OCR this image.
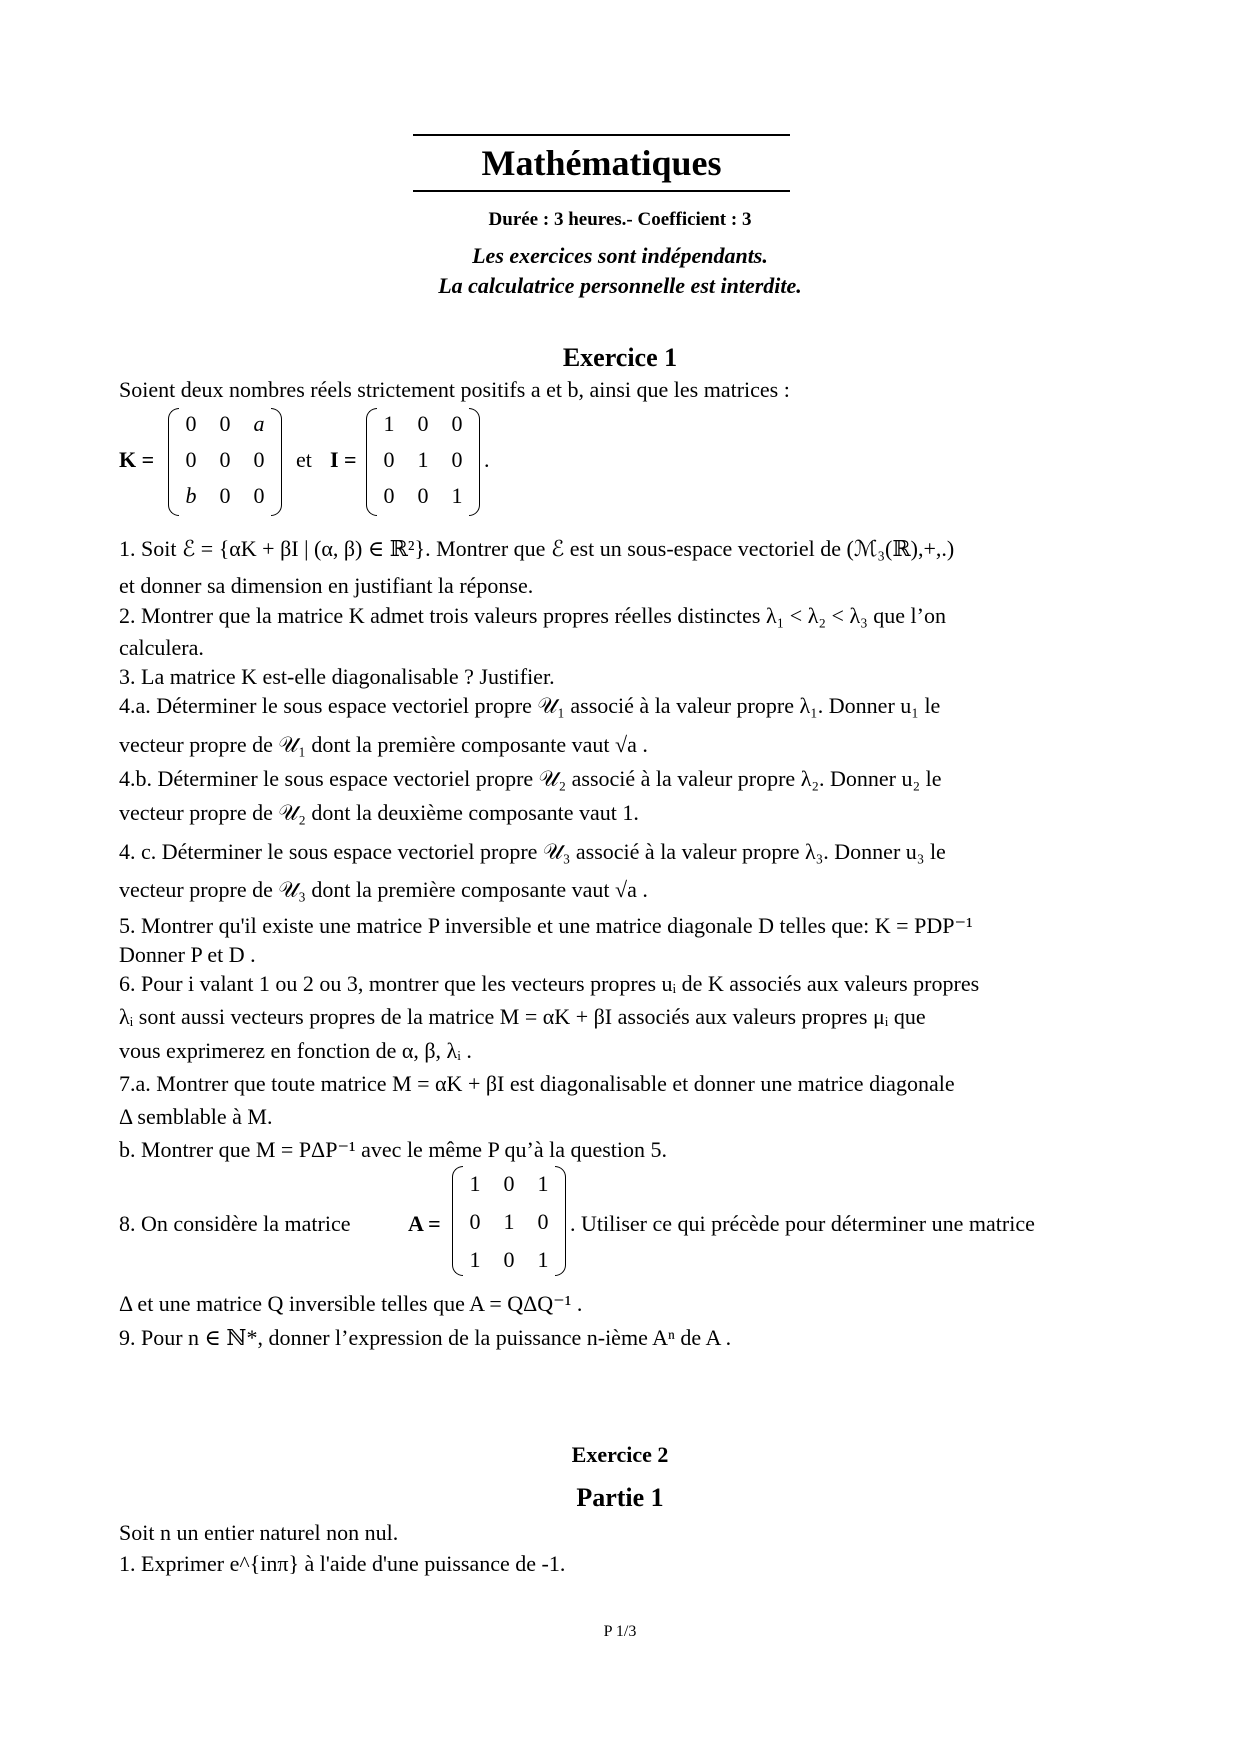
Mathématiques
Durée : 3 heures.- Coefficient : 3
Les exercices sont indépendants.
La calculatrice personnelle est interdite.
Exercice 1
Soient deux nombres réels strictement positifs a et b, ainsi que les matrices :
K =
0	0	a
0	0	0
b	0	0
et I =
1	0	0
0	1	0
0	0	1
.
1. Soit ℰ = {αK + βI | (α, β) ∈ ℝ²}. Montrer que ℰ est un sous-espace vectoriel de (ℳ₃(ℝ),+,.)
et donner sa dimension en justifiant la réponse.
2. Montrer que la matrice K admet trois valeurs propres réelles distinctes λ₁ < λ₂ < λ₃ que l’on
calculera.
3. La matrice K est-elle diagonalisable ? Justifier.
4.a. Déterminer le sous espace vectoriel propre 𝒰₁ associé à la valeur propre λ₁. Donner u₁ le
vecteur propre de 𝒰₁ dont la première composante vaut √a .
4.b. Déterminer le sous espace vectoriel propre 𝒰₂ associé à la valeur propre λ₂. Donner u₂ le
vecteur propre de 𝒰₂ dont la deuxième composante vaut 1.
4. c. Déterminer le sous espace vectoriel propre 𝒰₃ associé à la valeur propre λ₃. Donner u₃ le
vecteur propre de 𝒰₃ dont la première composante vaut √a .
5. Montrer qu'il existe une matrice P inversible et une matrice diagonale D telles que: K = PDP⁻¹
Donner P et D .
6. Pour i valant 1 ou 2 ou 3, montrer que les vecteurs propres uᵢ de K associés aux valeurs propres
λᵢ sont aussi vecteurs propres de la matrice M = αK + βI associés aux valeurs propres μᵢ que
vous exprimerez en fonction de α, β, λᵢ .
7.a. Montrer que toute matrice M = αK + βI est diagonalisable et donner une matrice diagonale
Δ semblable à M.
b. Montrer que M = PΔP⁻¹ avec le même P qu’à la question 5.
8. On considère la matrice	A =
1	0	1
0	1	0
1	0	1
. Utiliser ce qui précède pour déterminer une matrice
Δ et une matrice Q inversible telles que A = QΔQ⁻¹ .
9. Pour n ∈ ℕ*, donner l’expression de la puissance n-ième Aⁿ de A .
Exercice 2
Partie 1
Soit n un entier naturel non nul.
1. Exprimer e^{inπ} à l'aide d'une puissance de -1.
P 1/3
